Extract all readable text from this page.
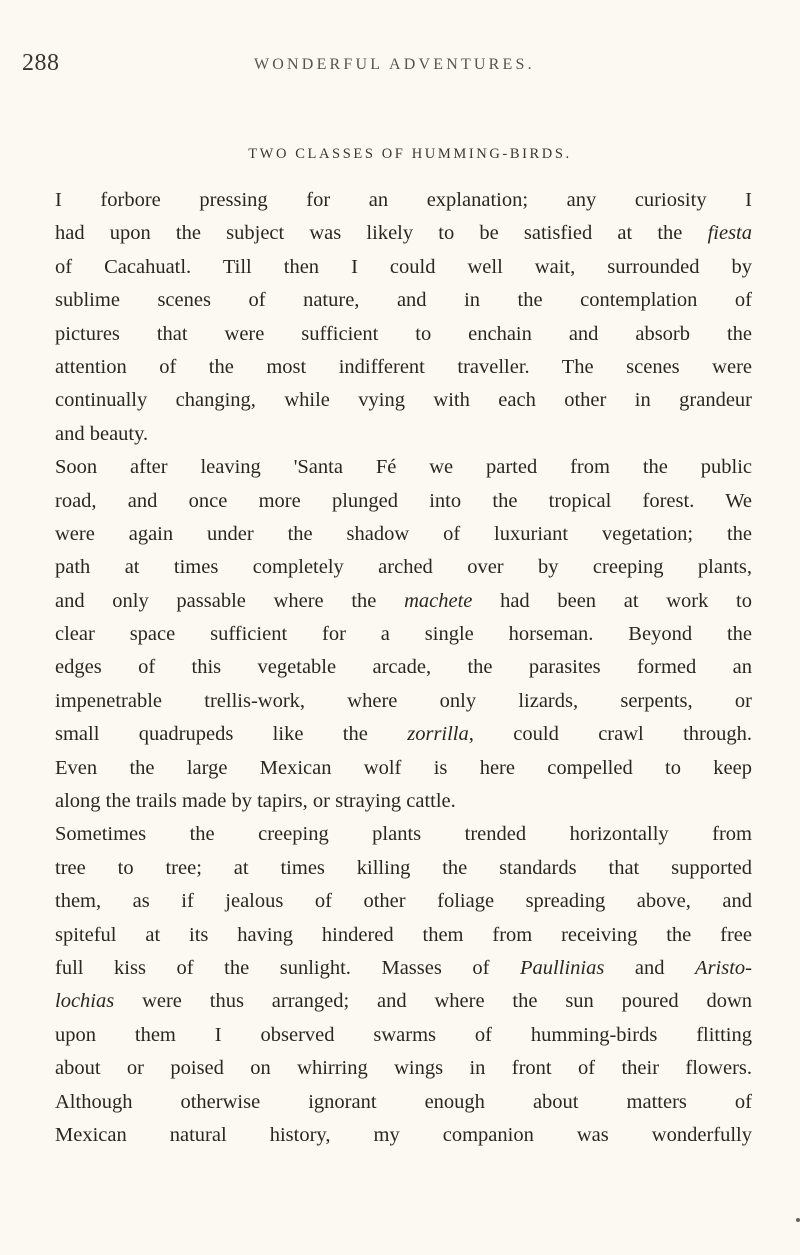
288	WONDERFUL ADVENTURES.
TWO CLASSES OF HUMMING-BIRDS.
I forbore pressing for an explanation; any curiosity I
had upon the subject was likely to be satisfied at the fiesta
of Cacahuatl. Till then I could well wait, surrounded by
sublime scenes of nature, and in the contemplation of
pictures that were sufficient to enchain and absorb the
attention of the most indifferent traveller. The scenes were
continually changing, while vying with each other in grandeur
and beauty.
Soon after leaving 'Santa Fé we parted from the public
road, and once more plunged into the tropical forest. We
were again under the shadow of luxuriant vegetation; the
path at times completely arched over by creeping plants,
and only passable where the machete had been at work to
clear space sufficient for a single horseman. Beyond the
edges of this vegetable arcade, the parasites formed an
impenetrable trellis-work, where only lizards, serpents, or
small quadrupeds like the zorrilla, could crawl through.
Even the large Mexican wolf is here compelled to keep
along the trails made by tapirs, or straying cattle.
Sometimes the creeping plants trended horizontally from
tree to tree; at times killing the standards that supported
them, as if jealous of other foliage spreading above, and
spiteful at its having hindered them from receiving the free
full kiss of the sunlight. Masses of Paullinias and Aristo-
lochias were thus arranged; and where the sun poured down
upon them I observed swarms of humming-birds flitting
about or poised on whirring wings in front of their flowers.
Although otherwise ignorant enough about matters of
Mexican natural history, my companion was wonderfully
